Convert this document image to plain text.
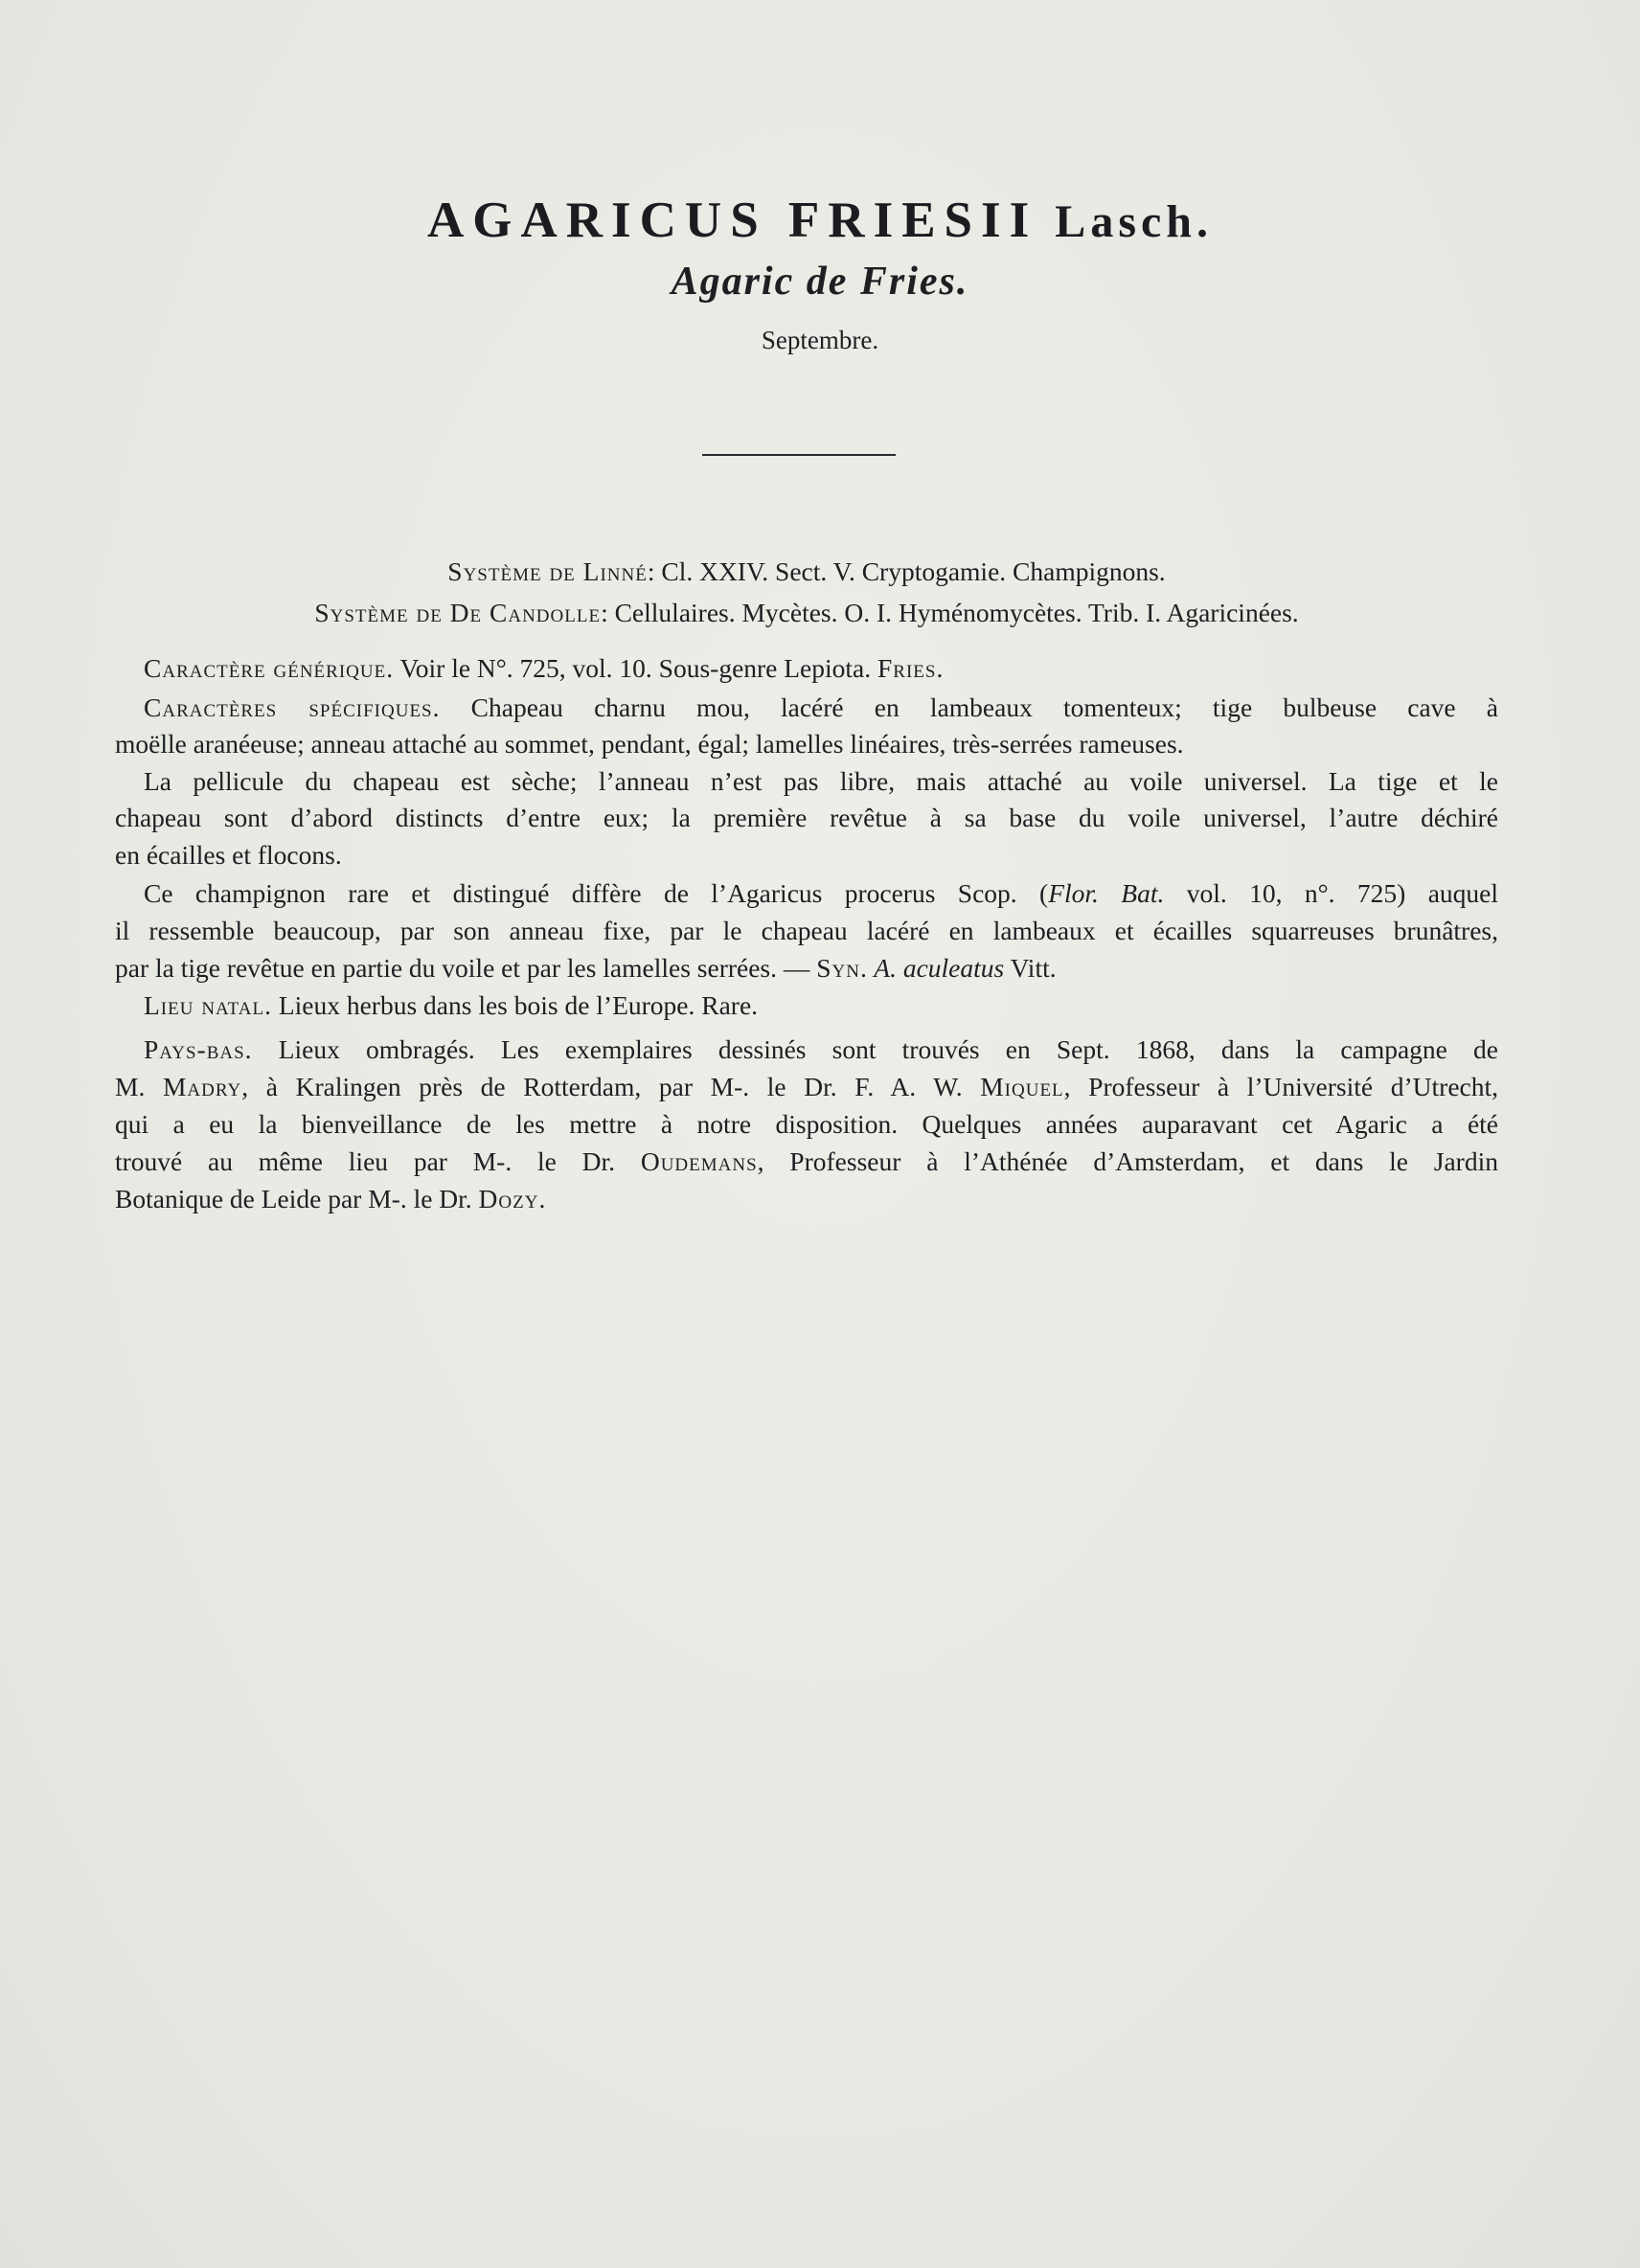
AGARICUS FRIESII Lasch.
Agaric de Fries.
Septembre.
Système de Linné: Cl. XXIV. Sect. V. Cryptogamie. Champignons.
Système de De Candolle: Cellulaires. Mycètes. O. I. Hyménomycètes. Trib. I. Agaricinées.
Caractère générique. Voir le N°. 725, vol. 10. Sous-genre Lepiota. Fries.
Caractères spécifiques. Chapeau charnu mou, lacéré en lambeaux tomenteux; tige bulbeuse cave à
moëlle aranéeuse; anneau attaché au sommet, pendant, égal; lamelles linéaires, très-serrées rameuses.
La pellicule du chapeau est sèche; l’anneau n’est pas libre, mais attaché au voile universel. La tige et le
chapeau sont d’abord distincts d’entre eux; la première revêtue à sa base du voile universel, l’autre déchiré
en écailles et flocons.
Ce champignon rare et distingué diffère de l’Agaricus procerus Scop. (Flor. Bat. vol. 10, n°. 725) auquel
il ressemble beaucoup, par son anneau fixe, par le chapeau lacéré en lambeaux et écailles squarreuses brunâtres,
par la tige revêtue en partie du voile et par les lamelles serrées. — Syn. A. aculeatus Vitt.
Lieu natal. Lieux herbus dans les bois de l’Europe. Rare.
Pays-bas. Lieux ombragés. Les exemplaires dessinés sont trouvés en Sept. 1868, dans la campagne de
M. Madry, à Kralingen près de Rotterdam, par M-. le Dr. F. A. W. Miquel, Professeur à l’Université d’Utrecht,
qui a eu la bienveillance de les mettre à notre disposition. Quelques années auparavant cet Agaric a été
trouvé au même lieu par M-. le Dr. Oudemans, Professeur à l’Athénée d’Amsterdam, et dans le Jardin
Botanique de Leide par M-. le Dr. Dozy.
